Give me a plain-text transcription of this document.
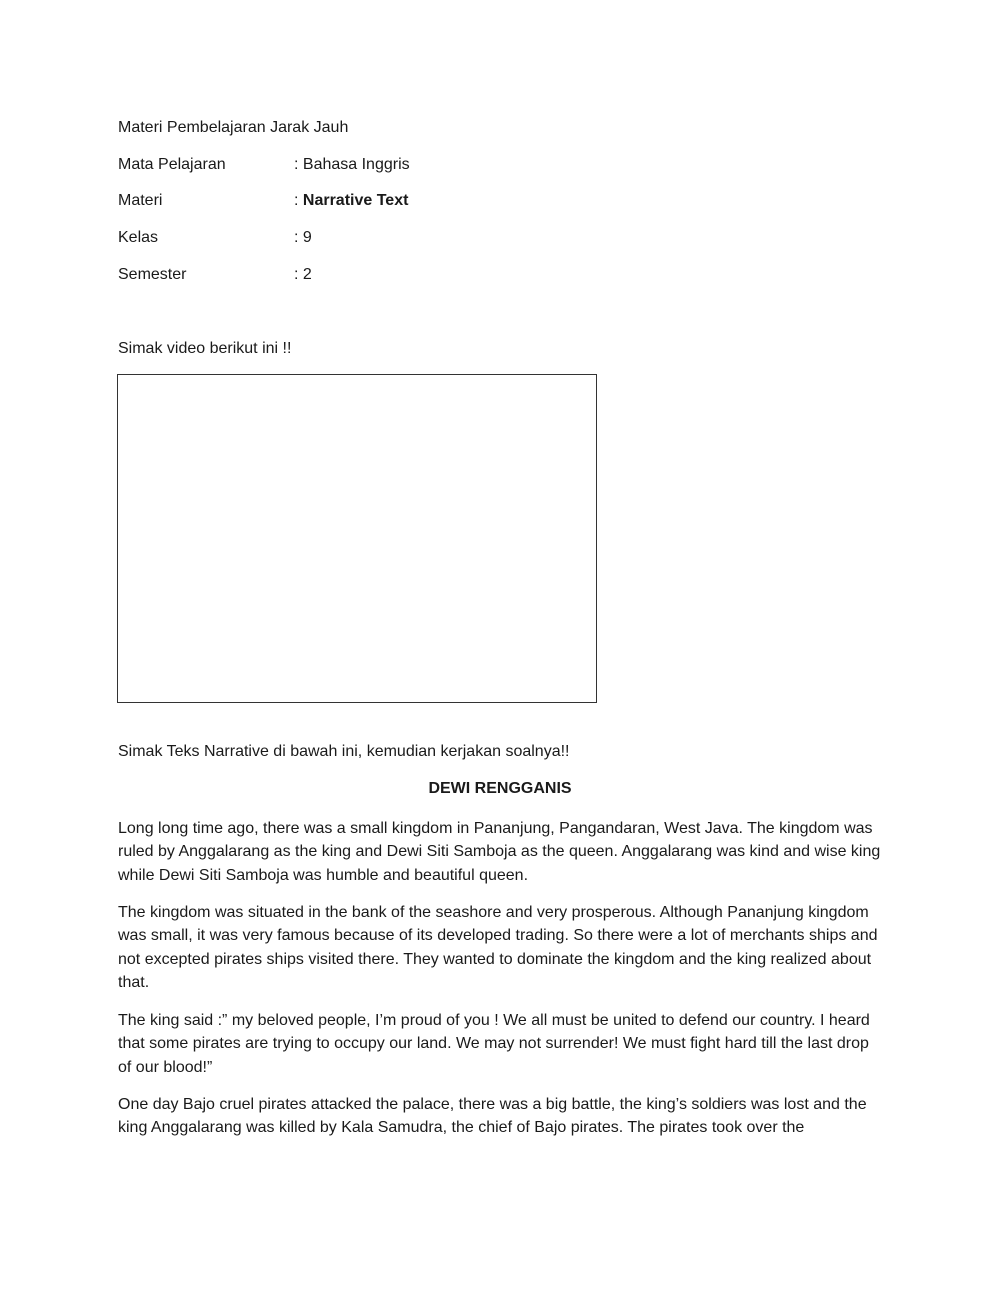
Materi Pembelajaran Jarak Jauh
Mata Pelajaran	: Bahasa Inggris
Materi	: Narrative Text
Kelas	: 9
Semester	: 2
Simak video berikut ini !!
Simak Teks Narrative di bawah ini, kemudian kerjakan soalnya!!
DEWI RENGGANIS

Long long time ago, there was a small kingdom in Pananjung, Pangandaran, West Java. The kingdom was ruled by Anggalarang as the king and Dewi Siti Samboja as the queen. Anggalarang was kind and wise king while Dewi Siti Samboja was humble and beautiful queen.

The kingdom was situated in the bank of the seashore and very prosperous. Although Pananjung kingdom was small, it was very famous because of its developed trading. So there were a lot of merchants ships and not excepted pirates ships visited there. They wanted to dominate the kingdom and the king realized about that.

The king said :” my beloved people, I’m proud of you ! We all must be united to defend our country. I heard that some pirates are trying to occupy our land. We may not surrender! We must fight hard till the last drop of our blood!”

One day Bajo cruel pirates attacked the palace, there was a big battle, the king’s soldiers was lost and the king Anggalarang was killed by Kala Samudra, the chief of Bajo pirates. The pirates took over the
